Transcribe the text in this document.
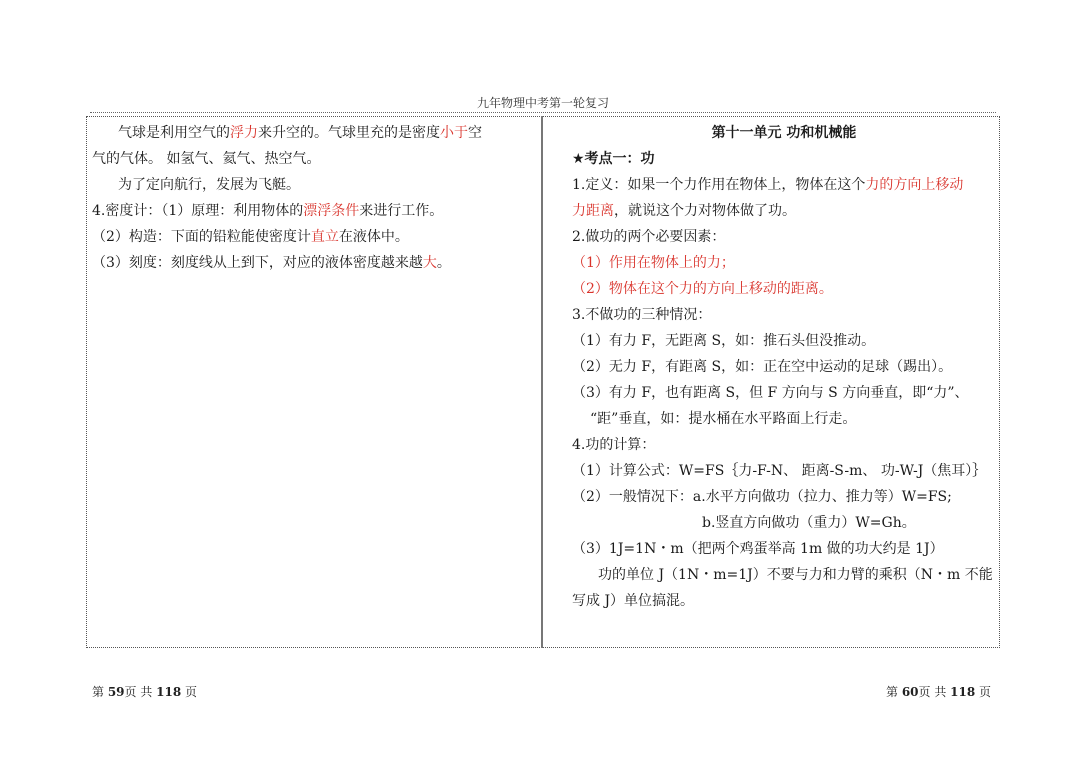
九年物理中考第一轮复习
气球是利用空气的浮力来升空的。气球里充的是密度小于空
气的气体。 如氢气、氦气、热空气。
为了定向航行，发展为飞艇。
4.密度计：（1）原理：利用物体的漂浮条件来进行工作。
（2）构造：下面的铅粒能使密度计直立在液体中。
（3）刻度：刻度线从上到下，对应的液体密度越来越大。
第十一单元 功和机械能
★考点一：功
1.定义：如果一个力作用在物体上，物体在这个力的方向上移动
力距离，就说这个力对物体做了功。
2.做功的两个必要因素：
（1）作用在物体上的力；
（2）物体在这个力的方向上移动的距离。
3.不做功的三种情况：
（1）有力 F，无距离 S，如：推石头但没推动。
（2）无力 F，有距离 S，如：正在空中运动的足球（踢出）。
（3）有力 F，也有距离 S，但 F 方向与 S 方向垂直，即“力”、
“距”垂直，如：提水桶在水平路面上行走。
4.功的计算：
（1）计算公式：W=FS｛力-F-N、 距离-S-m、 功-W-J（焦耳）｝
（2）一般情况下：a.水平方向做功（拉力、推力等）W=FS;
b.竖直方向做功（重力）W=Gh。
（3）1J=1N・m（把两个鸡蛋举高 1m 做的功大约是 1J）
功的单位 J（1N・m=1J）不要与力和力臂的乘积（N・m 不能
写成 J）单位搞混。
第 59页 共 118 页	第 60页 共 118 页
